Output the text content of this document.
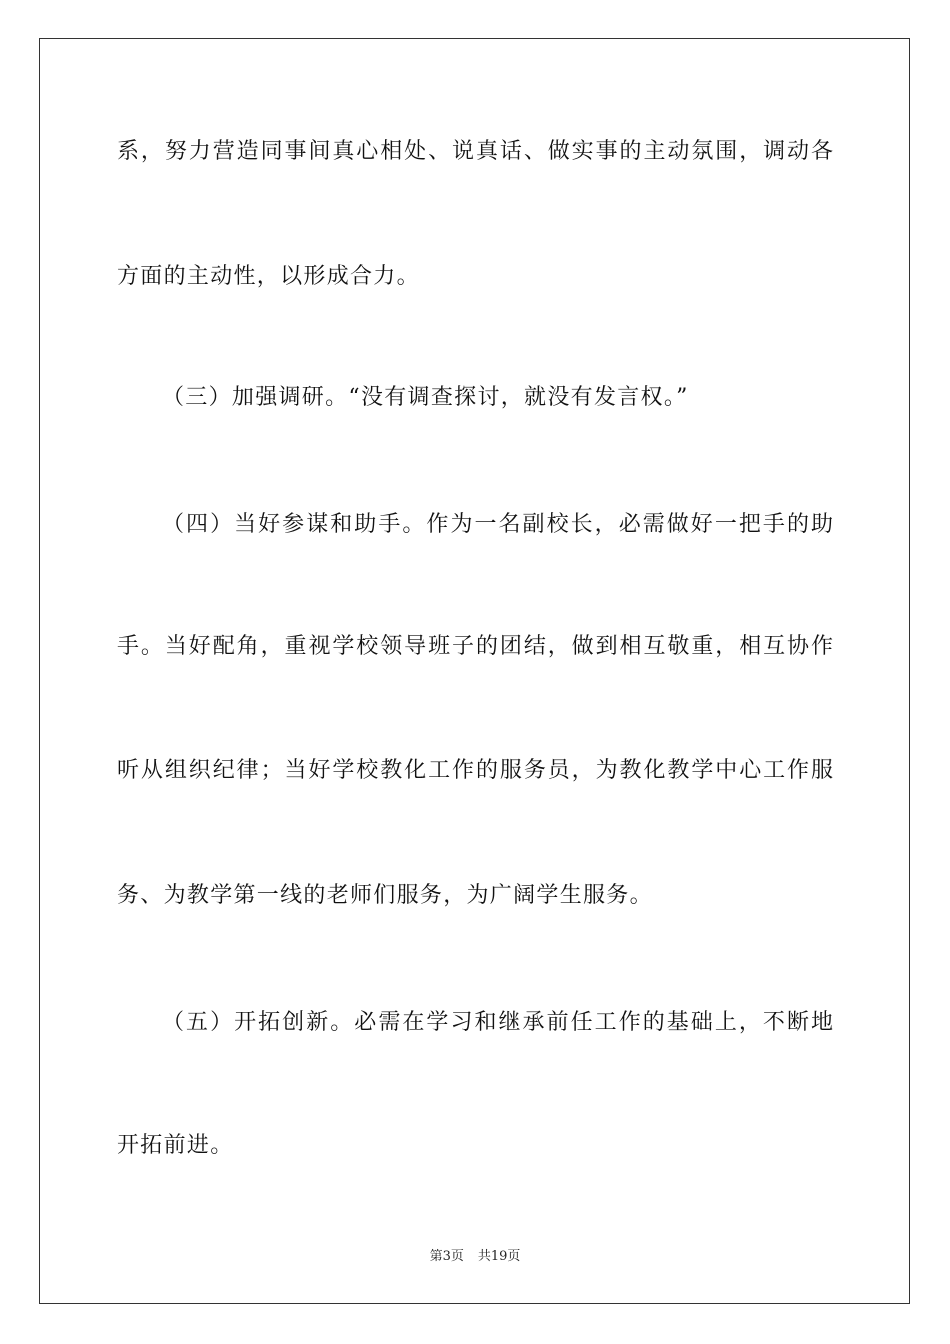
系，努力营造同事间真心相处、说真话、做实事的主动氛围，调动各
方面的主动性，以形成合力。
（三）加强调研。“没有调查探讨，就没有发言权。”
（四）当好参谋和助手。作为一名副校长，必需做好一把手的助
手。当好配角，重视学校领导班子的团结，做到相互敬重，相互协作
听从组织纪律；当好学校教化工作的服务员，为教化教学中心工作服
务、为教学第一线的老师们服务，为广阔学生服务。
（五）开拓创新。必需在学习和继承前任工作的基础上，不断地
开拓前进。
第3页 共19页
